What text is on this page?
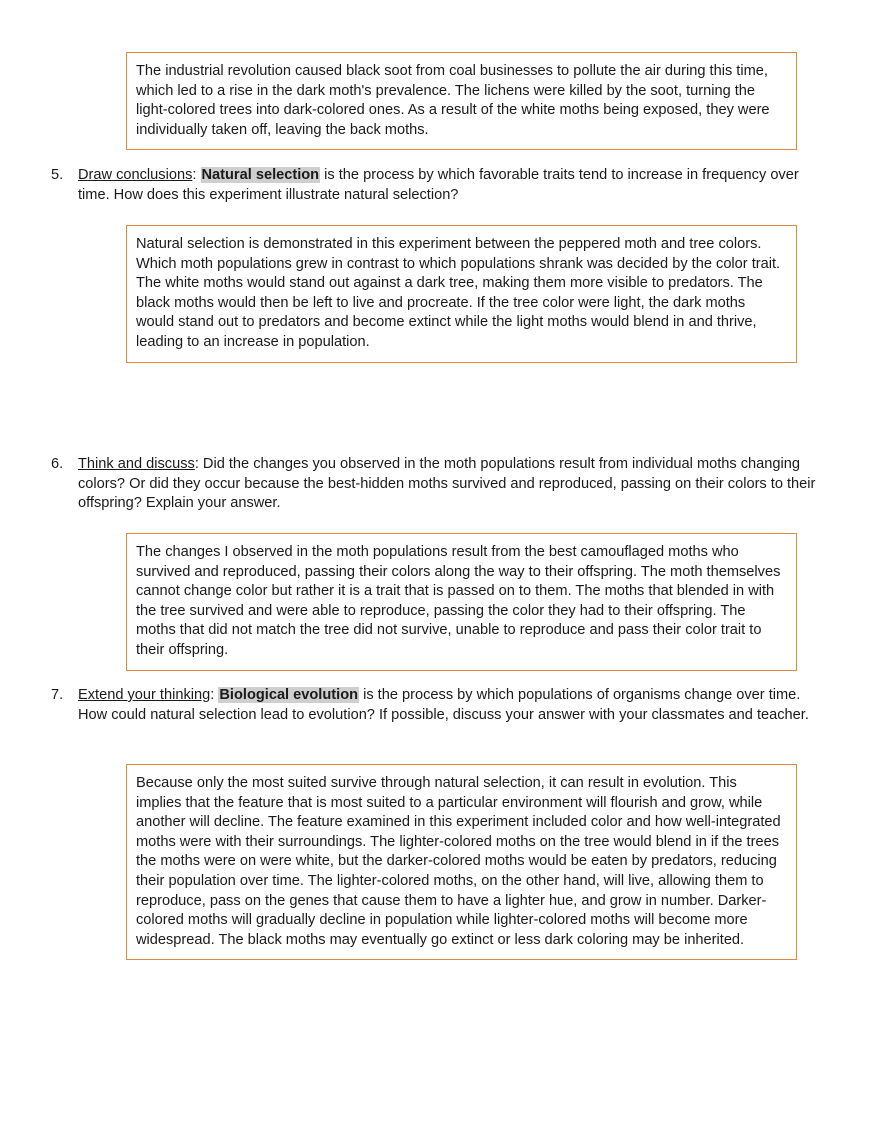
The industrial revolution caused black soot from coal businesses to pollute the air during this time, which led to a rise in the dark moth's prevalence. The lichens were killed by the soot, turning the light-colored trees into dark-colored ones. As a result of the white moths being exposed, they were individually taken off, leaving the back moths.

5. Draw conclusions: Natural selection is the process by which favorable traits tend to increase in frequency over time. How does this experiment illustrate natural selection?

Natural selection is demonstrated in this experiment between the peppered moth and tree colors. Which moth populations grew in contrast to which populations shrank was decided by the color trait. The white moths would stand out against a dark tree, making them more visible to predators. The black moths would then be left to live and procreate. If the tree color were light, the dark moths would stand out to predators and become extinct while the light moths would blend in and thrive, leading to an increase in population.

6. Think and discuss: Did the changes you observed in the moth populations result from individual moths changing colors? Or did they occur because the best-hidden moths survived and reproduced, passing on their colors to their offspring? Explain your answer.

The changes I observed in the moth populations result from the best camouflaged moths who survived and reproduced, passing their colors along the way to their offspring. The moth themselves cannot change color but rather it is a trait that is passed on to them. The moths that blended in with the tree survived and were able to reproduce, passing the color they had to their offspring. The moths that did not match the tree did not survive, unable to reproduce and pass their color trait to their offspring.

7. Extend your thinking: Biological evolution is the process by which populations of organisms change over time. How could natural selection lead to evolution? If possible, discuss your answer with your classmates and teacher.

Because only the most suited survive through natural selection, it can result in evolution. This implies that the feature that is most suited to a particular environment will flourish and grow, while another will decline. The feature examined in this experiment included color and how well-integrated moths were with their surroundings. The lighter-colored moths on the tree would blend in if the trees the moths were on were white, but the darker-colored moths would be eaten by predators, reducing their population over time. The lighter-colored moths, on the other hand, will live, allowing them to reproduce, pass on the genes that cause them to have a lighter hue, and grow in number. Darker-colored moths will gradually decline in population while lighter-colored moths will become more widespread. The black moths may eventually go extinct or less dark coloring may be inherited.
